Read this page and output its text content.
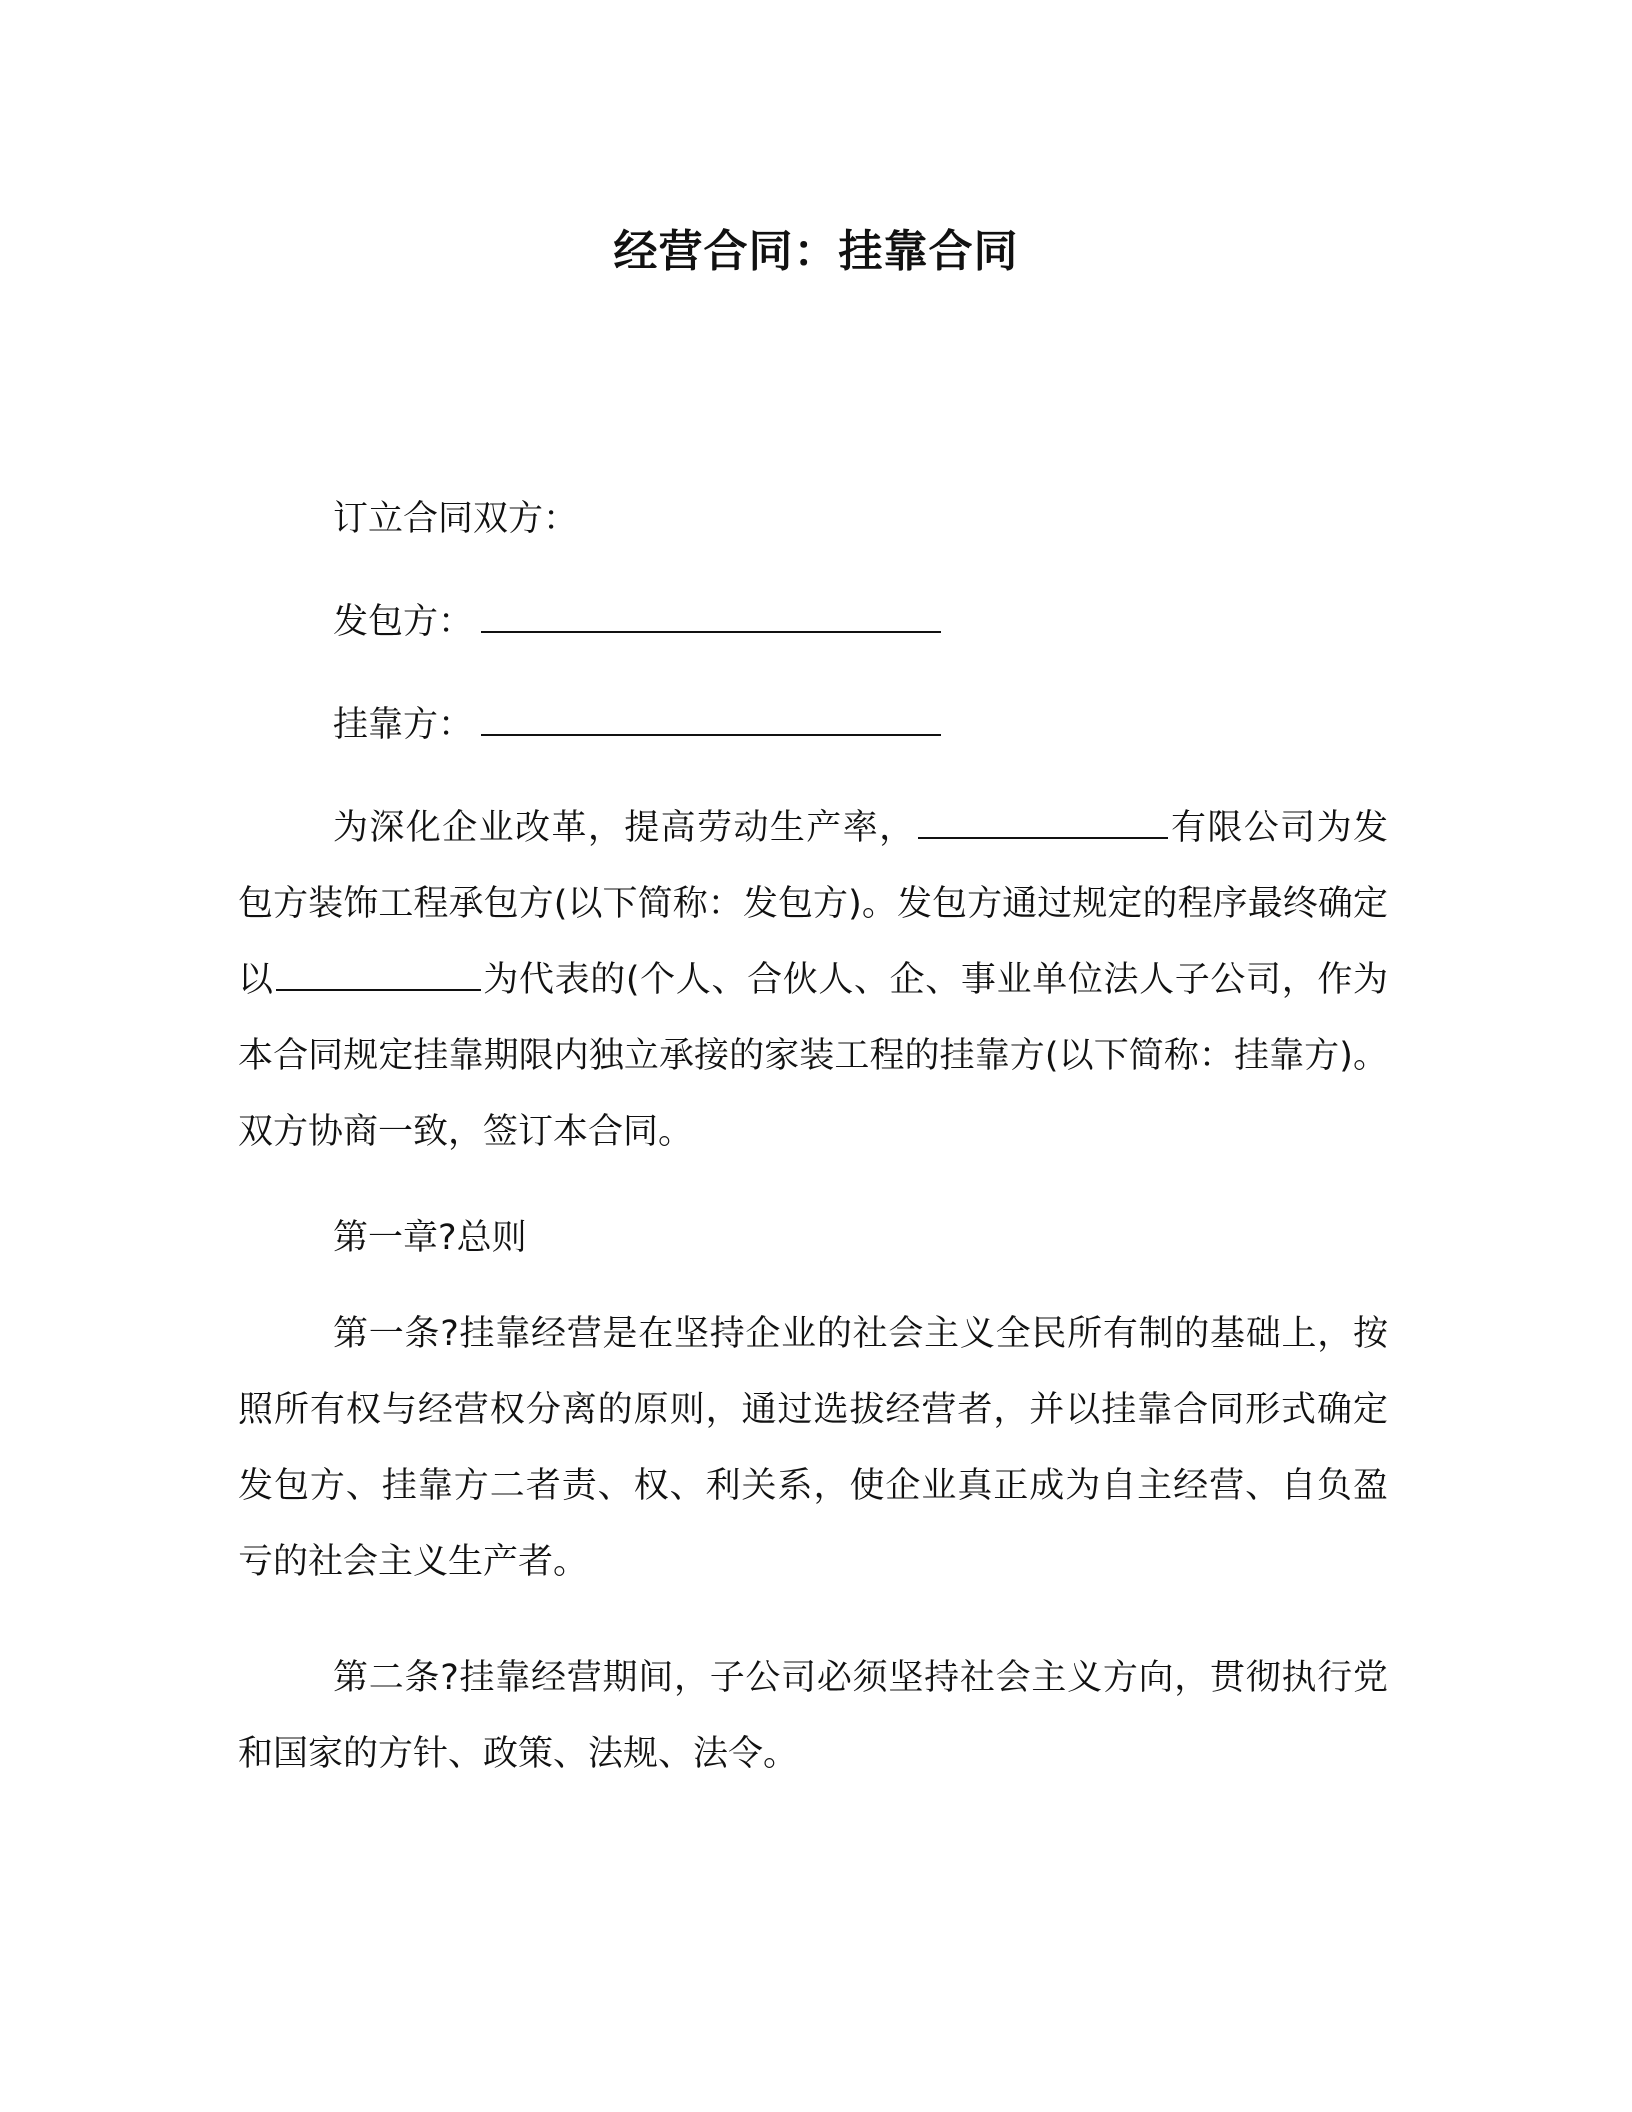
经营合同：挂靠合同
订立合同双方：
发包方：
挂靠方：

为深化企业改革，提高劳动生产率，	有限公司为发包方装饰工程承包方(以下简称：发包方)。发包方通过规定的程序最终确定以	为代表的(个人、合伙人、企、事业单位法人子公司，作为本合同规定挂靠期限内独立承接的家装工程的挂靠方(以下简称：挂靠方)。双方协商一致，签订本合同。

第一章?总则

第一条?挂靠经营是在坚持企业的社会主义全民所有制的基础上，按照所有权与经营权分离的原则，通过选拔经营者，并以挂靠合同形式确定发包方、挂靠方二者责、权、利关系，使企业真正成为自主经营、自负盈亏的社会主义生产者。

第二条?挂靠经营期间，子公司必须坚持社会主义方向，贯彻执行党和国家的方针、政策、法规、法令。
